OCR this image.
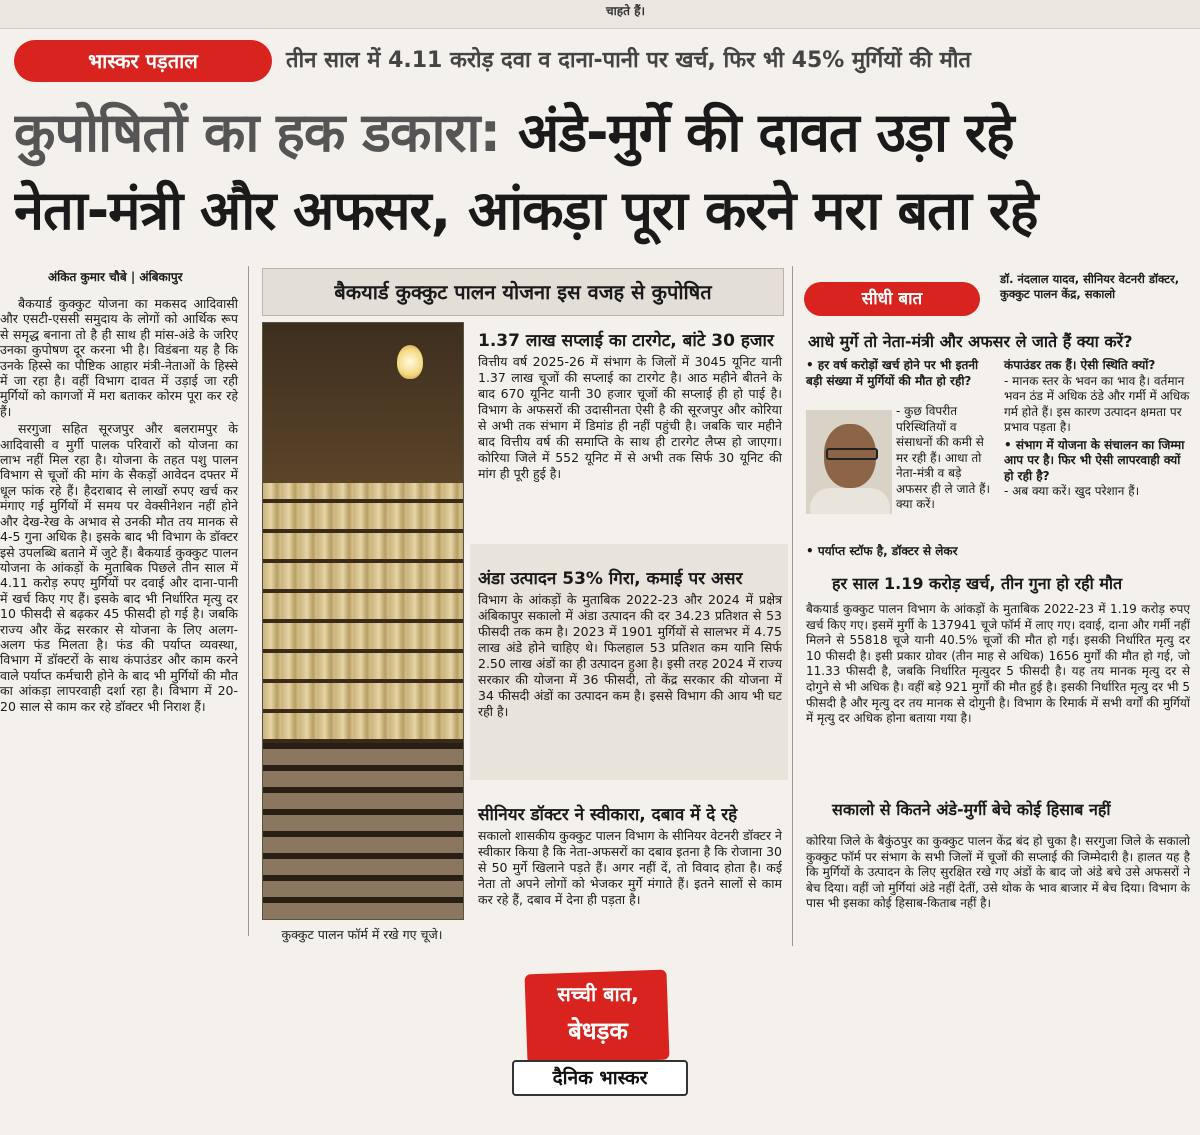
चाहते हैं।
भास्कर पड़ताल	तीन साल में 4.11 करोड़ दवा व दाना-पानी पर खर्च, फिर भी 45% मुर्गियों की मौत
कुपोषितों का हक डकारा: अंडे-मुर्गे की दावत उड़ा रहे
नेता-मंत्री और अफसर, आंकड़ा पूरा करने मरा बता रहे
अंकित कुमार चौबे | अंबिकापुर

बैकयार्ड कुक्कुट योजना का मकसद आदिवासी और एसटी-एससी समुदाय के लोगों को आर्थिक रूप से समृद्ध बनाना तो है ही साथ ही मांस-अंडे के जरिए उनका कुपोषण दूर करना भी है। विडंबना यह है कि उनके हिस्से का पौष्टिक आहार मंत्री-नेताओं के हिस्से में जा रहा है। वहीं विभाग दावत में उड़ाई जा रही मुर्गियों को कागजों में मरा बताकर कोरम पूरा कर रहे हैं।

सरगुजा सहित सूरजपुर और बलरामपुर के आदिवासी व मुर्गी पालक परिवारों को योजना का लाभ नहीं मिल रहा है। योजना के तहत पशु पालन विभाग से चूजों की मांग के सैकड़ों आवेदन दफ्तर में धूल फांक रहे हैं। हैदराबाद से लाखों रुपए खर्च कर मंगाए गई मुर्गियों में समय पर वेक्सीनेशन नहीं होने और देख-रेख के अभाव से उनकी मौत तय मानक से 4-5 गुना अधिक है। इसके बाद भी विभाग के डॉक्टर इसे उपलब्धि बताने में जुटे हैं। बैकयार्ड कुक्कुट पालन योजना के आंकड़ों के मुताबिक पिछले तीन साल में 4.11 करोड़ रुपए मुर्गियों पर दवाई और दाना-पानी में खर्च किए गए हैं। इसके बाद भी निर्धारित मृत्यु दर 10 फीसदी से बढ़कर 45 फीसदी हो गई है। जबकि राज्य और केंद्र सरकार से योजना के लिए अलग-अलग फंड मिलता है। फंड की पर्याप्त व्यवस्था, विभाग में डॉक्टरों के साथ कंपाउंडर और काम करने वाले पर्याप्त कर्मचारी होने के बाद भी मुर्गियों की मौत का आंकड़ा लापरवाही दर्शा रहा है। विभाग में 20-20 साल से काम कर रहे डॉक्टर भी निराश हैं।

बैकयार्ड कुक्कुट पालन योजना इस वजह से कुपोषित
कुक्कुट पालन फॉर्म में रखे गए चूजे।
1.37 लाख सप्लाई का टारगेट, बांटे 30 हजार
वित्तीय वर्ष 2025-26 में संभाग के जिलों में 3045 यूनिट यानी 1.37 लाख चूजों की सप्लाई का टारगेट है। आठ महीने बीतने के बाद 670 यूनिट यानी 30 हजार चूजों की सप्लाई ही हो पाई है। विभाग के अफसरों की उदासीनता ऐसी है की सूरजपुर और कोरिया से अभी तक संभाग में डिमांड ही नहीं पहुंची है। जबकि चार महीने बाद वित्तीय वर्ष की समाप्ति के साथ ही टारगेट लैप्स हो जाएगा। कोरिया जिले में 552 यूनिट में से अभी तक सिर्फ 30 यूनिट की मांग ही पूरी हुई है।
अंडा उत्पादन 53% गिरा, कमाई पर असर
विभाग के आंकड़ों के मुताबिक 2022-23 और 2024 में प्रक्षेत्र अंबिकापुर सकालो में अंडा उत्पादन की दर 34.23 प्रतिशत से 53 फीसदी तक कम है। 2023 में 1901 मुर्गियों से सालभर में 4.75 लाख अंडे होने चाहिए थे। फिलहाल 53 प्रतिशत कम यानि सिर्फ 2.50 लाख अंडों का ही उत्पादन हुआ है। इसी तरह 2024 में राज्य सरकार की योजना में 36 फीसदी, तो केंद्र सरकार की योजना में 34 फीसदी अंडों का उत्पादन कम है। इससे विभाग की आय भी घट रही है।
सीनियर डॉक्टर ने स्वीकारा, दबाव में दे रहे
सकालो शासकीय कुक्कुट पालन विभाग के सीनियर वेटनरी डॉक्टर ने स्वीकार किया है कि नेता-अफसरों का दबाव इतना है कि रोजाना 30 से 50 मुर्गे खिलाने पड़ते हैं। अगर नहीं दें, तो विवाद होता है। कई नेता तो अपने लोगों को भेजकर मुर्गे मंगाते हैं। इतने सालों से काम कर रहे हैं, दबाव में देना ही पड़ता है।
सीधी बात
डॉ. नंदलाल यादव, सीनियर वेटनरी डॉक्टर, कुक्कुट पालन केंद्र, सकालो
आधे मुर्गे तो नेता-मंत्री और अफसर ले जाते हैं क्या करें?
• हर वर्ष करोड़ों खर्च होने पर भी इतनी बड़ी संख्या में मुर्गियों की मौत हो रही?
- कुछ विपरीत परिस्थितियों व संसाधनों की कमी से मर रही हैं। आधा तो नेता-मंत्री व बड़े अफसर ही ले जाते हैं। क्या करें।
• पर्याप्त स्टॉफ है, डॉक्टर से लेकर
कंपाउंडर तक हैं। ऐसी स्थिति क्यों?
- मानक स्तर के भवन का भाव है। वर्तमान भवन ठंड में अधिक ठंडे और गर्मी में अधिक गर्म होते हैं। इस कारण उत्पादन क्षमता पर प्रभाव पड़ता है।
• संभाग में योजना के संचालन का जिम्मा आप पर है। फिर भी ऐसी लापरवाही क्यों हो रही है?
- अब क्या करें। खुद परेशान हैं।
हर साल 1.19 करोड़ खर्च, तीन गुना हो रही मौत
बैकयार्ड कुक्कुट पालन विभाग के आंकड़ों के मुताबिक 2022-23 में 1.19 करोड़ रुपए खर्च किए गए। इसमें मुर्गी के 137941 चूजे फॉर्म में लाए गए। दवाई, दाना और गर्मी नहीं मिलने से 55818 चूजे यानी 40.5% चूजों की मौत हो गई। इसकी निर्धारित मृत्यु दर 10 फीसदी है। इसी प्रकार ग्रोवर (तीन माह से अधिक) 1656 मुर्गों की मौत हो गई, जो 11.33 फीसदी है, जबकि निर्धारित मृत्युदर 5 फीसदी है। यह तय मानक मृत्यु दर से दोगुने से भी अधिक है। वहीं बड़े 921 मुर्गों की मौत हुई है। इसकी निर्धारित मृत्यु दर भी 5 फीसदी है और मृत्यु दर तय मानक से दोगुनी है। विभाग के रिमार्क में सभी वर्गों की मुर्गियों में मृत्यु दर अधिक होना बताया गया है।
सकालो से कितने अंडे-मुर्गी बेचे कोई हिसाब नहीं
कोरिया जिले के बैकुंठपुर का कुक्कुट पालन केंद्र बंद हो चुका है। सरगुजा जिले के सकालो कुक्कुट फॉर्म पर संभाग के सभी जिलों में चूजों की सप्लाई की जिम्मेदारी है। हालत यह है कि मुर्गियों के उत्पादन के लिए सुरक्षित रखे गए अंडों के बाद जो अंडे बचे उसे अफसरों ने बेच दिया। वहीं जो मुर्गियां अंडे नहीं देतीं, उसे थोक के भाव बाजार में बेच दिया। विभाग के पास भी इसका कोई हिसाब-किताब नहीं है।
सच्ची बात,
बेधड़क
दैनिक भास्कर
